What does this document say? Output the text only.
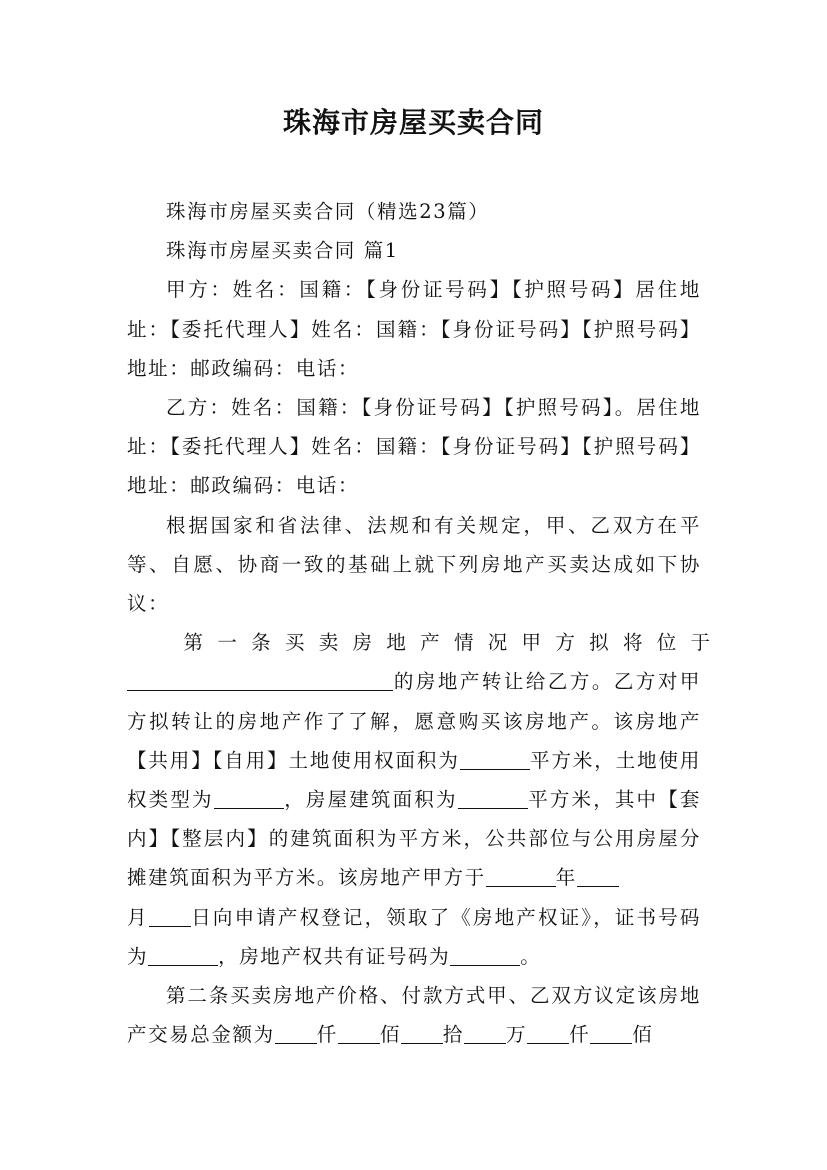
珠海市房屋买卖合同

珠海市房屋买卖合同（精选23篇）

珠海市房屋买卖合同 篇1

甲方：姓名：国籍：【身份证号码】【护照号码】居住地址：【委托代理人】姓名：国籍：【身份证号码】【护照号码】地址：邮政编码：电话：

乙方：姓名：国籍：【身份证号码】【护照号码】。居住地址：【委托代理人】姓名：国籍：【身份证号码】【护照号码】地址：邮政编码：电话：

根据国家和省法律、法规和有关规定，甲、乙双方在平等、自愿、协商一致的基础上就下列房地产买卖达成如下协议：

第一条买卖房地产情况甲方拟将位于
的房地产转让给乙方。乙方对甲方拟转让的房地产作了了解，愿意购买该房地产。该房地产【共用】【自用】土地使用权面积为	平方米，土地使用权类型为	，房屋建筑面积为	平方米，其中【套内】【整层内】的建筑面积为平方米，公共部位与公用房屋分摊建筑面积为平方米。该房地产甲方于	年
月 日向申请产权登记，领取了《房地产权证》，证书号码为	，房地产权共有证号码为	。

第二条买卖房地产价格、付款方式甲、乙双方议定该房地产交易总金额为 仟 佰 拾 万 仟 佰
